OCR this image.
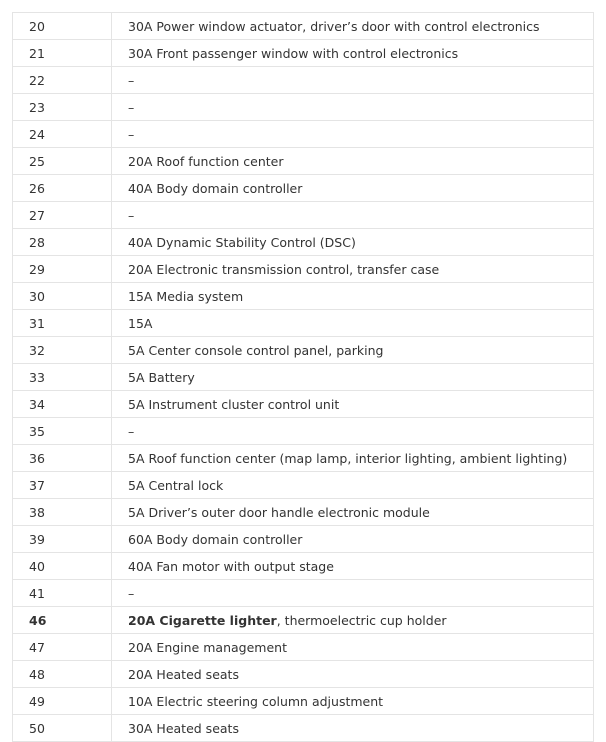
20	30A Power window actuator, driver’s door with control electronics
21	30A Front passenger window with control electronics
22	–
23	–
24	–
25	20A Roof function center
26	40A Body domain controller
27	–
28	40A Dynamic Stability Control (DSC)
29	20A Electronic transmission control, transfer case
30	15A Media system
31	15A
32	5A Center console control panel, parking
33	5A Battery
34	5A Instrument cluster control unit
35	–
36	5A Roof function center (map lamp, interior lighting, ambient lighting)
37	5A Central lock
38	5A Driver’s outer door handle electronic module
39	60A Body domain controller
40	40A Fan motor with output stage
41	–
46	20A Cigarette lighter, thermoelectric cup holder
47	20A Engine management
48	20A Heated seats
49	10A Electric steering column adjustment
50	30A Heated seats
